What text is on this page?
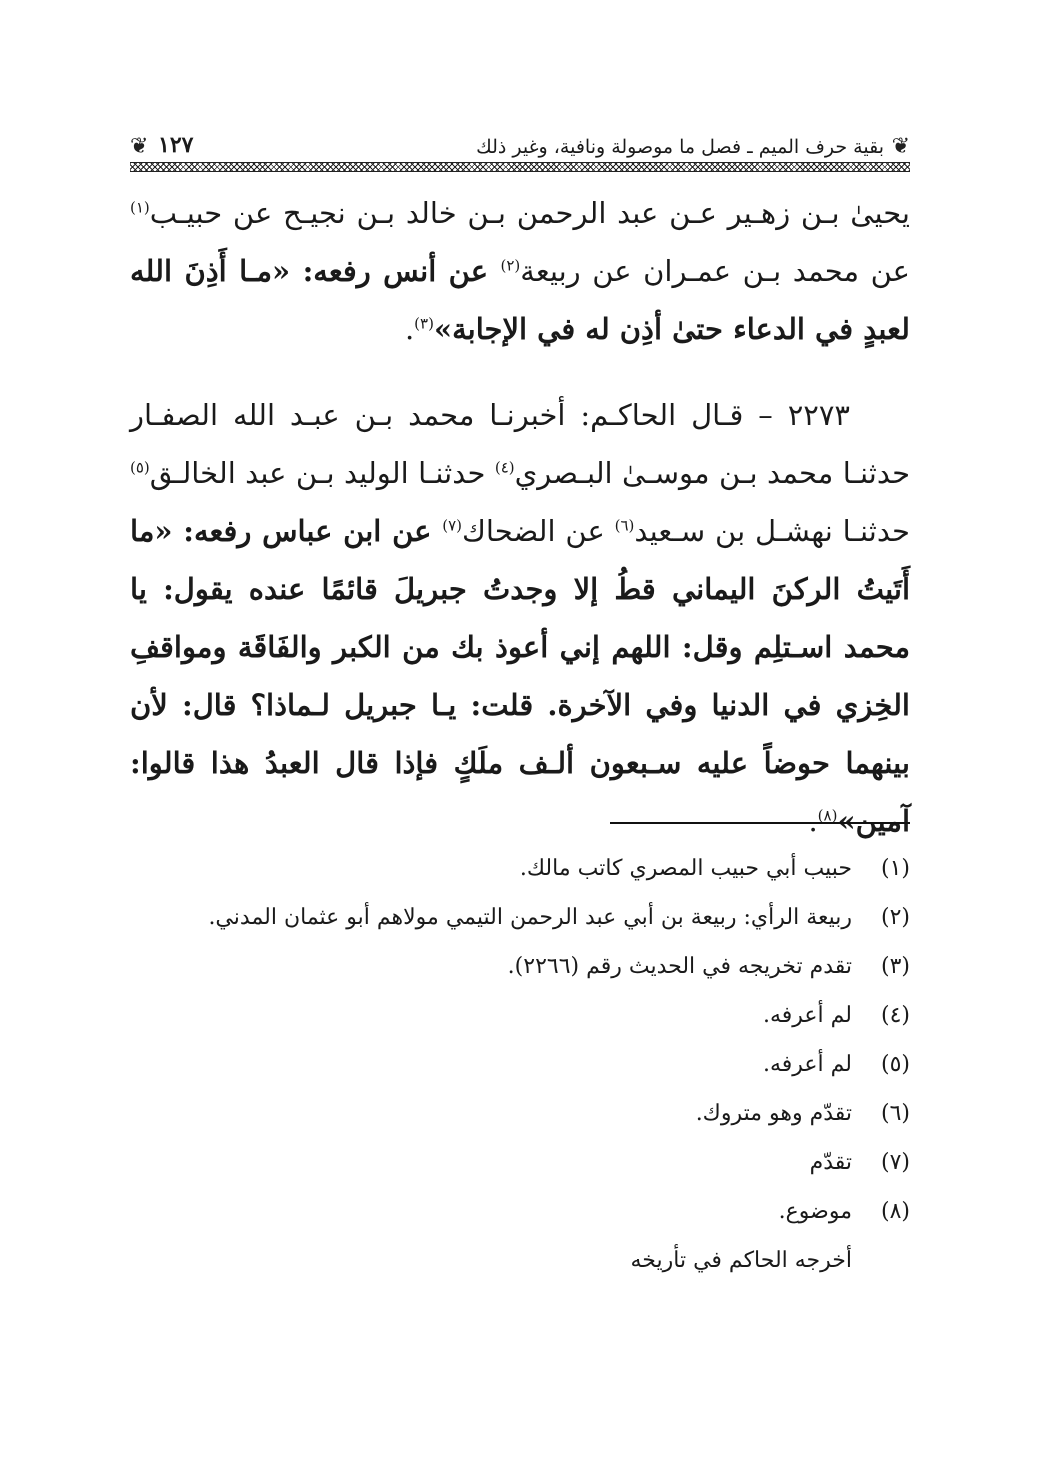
❦
بقية حرف الميم ـ فصل ما موصولة ونافية، وغير ذلك
١٢٧
❦
يحيىٰ بـن زهـير عـن عبد الرحمن بـن خالد بـن نجيـح عن حبيـب$^{(١)}$ عن محمد بـن عمـران عن ربيعة$^{(٢)}$ عن أنس رفعه: «مـا أَذِنَ الله لعبدٍ في الدعاء حتىٰ أذِن له في الإجابة»$^{(٣)}$.
٢٢٧٣ – قـال الحاكـم: أخبرنـا محمد بـن عبـد الله الصفـار حدثنـا محمد بـن موسـىٰ البـصري$^{(٤)}$ حدثنـا الوليد بـن عبد الخالـق$^{(٥)}$ حدثنـا نهشـل بن سـعيد$^{(٦)}$ عن الضحاك$^{(٧)}$ عن ابن عباس رفعه: «ما أَتَيتُ الركنَ اليماني قطُ إلا وجدتُ جبريلَ قائمًا عنده يقول: يا محمد اسـتلِم وقل: اللهم إني أعوذ بك من الكبر والفَاقَة ومواقفِ الخِزي في الدنيا وفي الآخرة. قلت: يـا جبريل لـماذا؟ قال: لأن بينهما حوضاً عليه سـبعون ألـف ملَكٍ فإذا قال العبدُ هذا قالوا: آمين»$^{(٨)}$.
(١)حبيب أبي حبيب المصري كاتب مالك.
(٢)ربيعة الرأي: ربيعة بن أبي عبد الرحمن التيمي مولاهم أبو عثمان المدني.
(٣)تقدم تخريجه في الحديث رقم (٢٢٦٦).
(٤)لم أعرفه.
(٥)لم أعرفه.
(٦)تقدّم وهو متروك.
(٧)تقدّم
(٨)موضوع.
أخرجه الحاكم في تأريخه
